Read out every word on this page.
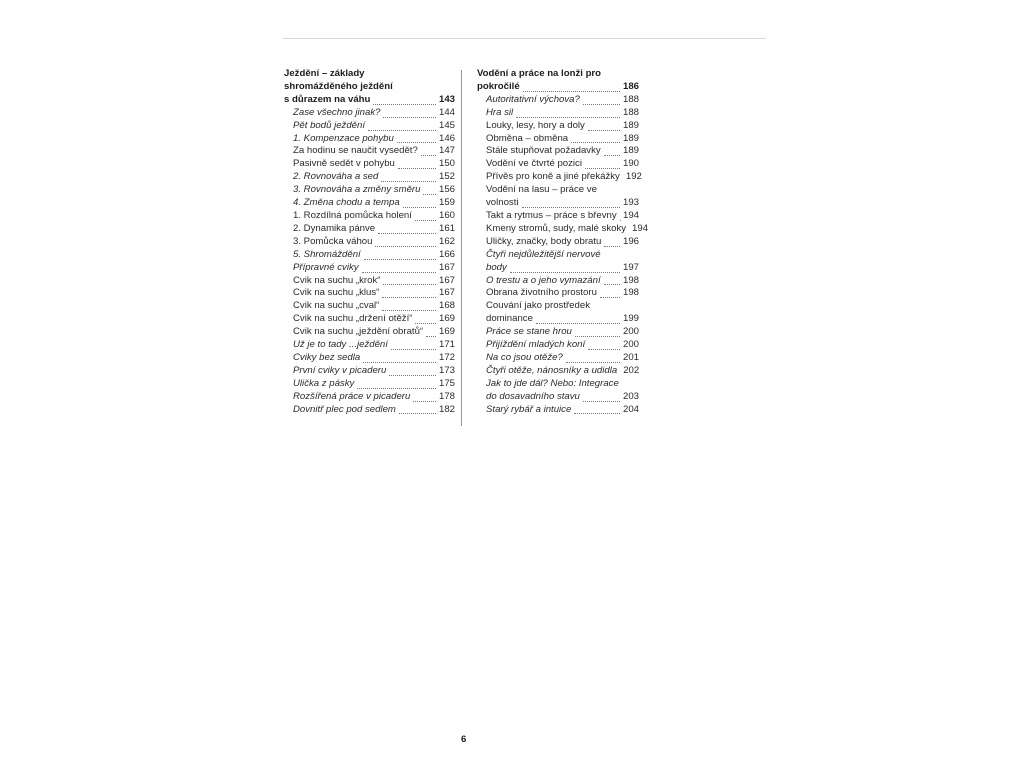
Ježdění – základy
shromážděného ježdění
s důrazem na váhu	143
Zase všechno jinak?	144
Pět bodů ježdění	145
1. Kompenzace pohybu	146
Za hodinu se naučit vysedět? 147
Pasivně sedět v pohybu	150
2. Rovnováha a sed	152
3. Rovnováha a změny směru 156
4. Změna chodu a tempa	159
1. Rozdílná pomůcka holení	160
2. Dynamika pánve	161
3. Pomůcka váhou	162
5. Shromáždění	166
Přípravné cviky	167
Cvik na suchu „krok“	167
Cvik na suchu „klus“	167
Cvik na suchu „cval“	168
Cvik na suchu „držení otěží“	169
Cvik na suchu „ježdění obratů“ 169
Už je to tady ...ježdění	171
Cviky bez sedla	172
První cviky v picaderu	173
Ulička z pásky	175
Rozšířená práce v picaderu	178
Dovnitř plec pod sedlem	182
Vodění a práce na lonži pro
pokročilé	186
Autoritativní výchova?	188
Hra sil	188
Louky, lesy, hory a doly	189
Obměna – obměna	189
Stále stupňovat požadavky 189
Vodění ve čtvrté pozici	190
Přívěs pro koně a jiné překážky 192
Vodění na lasu – práce ve
volnosti	193
Takt a rytmus – práce s břevny 194
Kmeny stromů, sudy, malé skoky 194
Uličky, značky, body obratu 196
Čtyři nejdůležitější nervové
body	197
O trestu a o jeho vymazání 198
Obrana životního prostoru	198
Couvání jako prostředek
dominance	199
Práce se stane hrou	200
Přijíždění mladých koní	200
Na co jsou otěže?	201
Čtyři otěže, nánosníky a udidla 202
Jak to jde dál? Nebo: Integrace
do dosavadního stavu	203
Starý rybář a intuice	204
6
